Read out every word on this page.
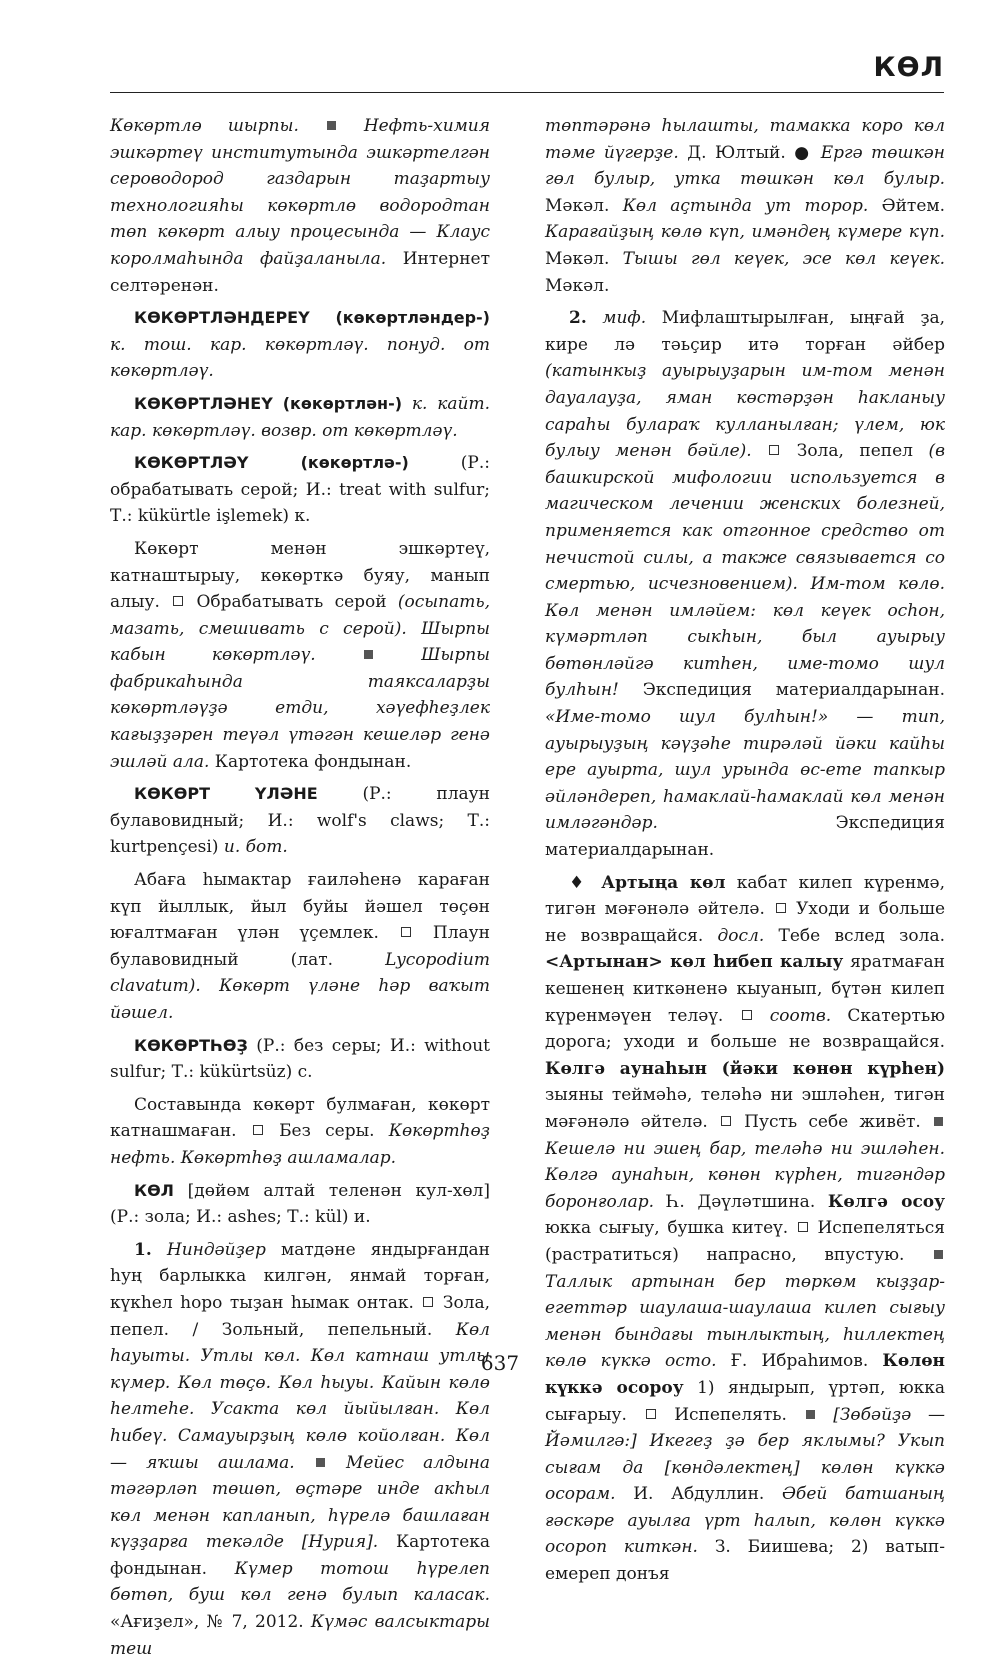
КӨЛ

Көкөртлө шырпы.	Нефть-химия эшкәртеү институтында эшкәртелгән сероводород газдарын таҙартыу технологияһы көкөртлө водородтан төп көкөрт алыу процесында — Клаус королмаһында файҙаланыла. Интернет селтәренән.

КӨКӨРТЛӘНДЕРЕҮ (көкөртләндер-) к. тош. кар. көкөртләү. понуд. от көкөртләү.

КӨКӨРТЛӘНЕҮ (көкөртлән-) к. кайт. кар. көкөртләү. возвр. от көкөртләү.

КӨКӨРТЛӘҮ (көкөртлә-)	(Р.: обрабатывать серой; И.: treat with sulfur; Т.: kükürtle işlemek) к.

Көкөрт менән эшкәртеү, катнаштырыу, көкөрткә буяу, манып алыу. Обрабатывать серой (осыпать, мазать, смешивать с серой). Шырпы кабын көкөртләү.	Шырпы фабрикаһында таяксаларҙы көкөртләүҙә етди, хәүефһеҙлек кағыҙҙәрен теүәл үтәгән кешеләр генә эшләй ала. Картотека фондынан.

КӨКӨРТ ҮЛӘНЕ	(Р.: плаун булавовидный; И.: wolf's claws; Т.: kurtpençesi) и. бот.

Абаға һымактар ғаиләһенә караған күп йыллык, йыл буйы йәшел төҫөн юғалтмаған үлән үҫемлек.	Плаун булавовидный (лат.	Lycopodium clavatum). Көкөрт үләне һәр ваҡыт йәшел.

КӨКӨРТҺӨҘ (Р.: без серы; И.: without sulfur; Т.: kükürtsüz) с.

Составында көкөрт булмаған, көкөрт катнашмаған.	Без серы. Көкөртһөҙ нефть. Көкөртһөҙ ашламалар.

КӨЛ [дөйөм алтай теленән кул-хөл] (Р.: зола; И.: ashes; Т.: kül) и.

1. Ниндәйҙер матдәне яндырғандан һуң барлыкка килгән, янмай торған, күкһел һоро тыҙан һымак онтак. Зола, пепел. / Зольный, пепельный. Көл һауыты. Утлы көл. Көл катнаш утлы күмер. Көл төҫө. Көл һыуы. Кайын көлө һелтеһе. Усакта көл йыйылған. Көл һибеү. Самауырҙың көлө койолған. Көл — яҡшы ашлама.	Мейес алдына тәгәрләп төшөп, өҫтәре инде акһыл көл менән капланып, һүрелә башлаған күҙҙарға текәлде [Нурия]. Картотека фондынан. Күмер тотош һүрелеп бөтөп, буш көл генә булып калаcак. «Ағиҙел», № 7, 2012. Күмәс валсыктары теш

төптәрәнә һылашты, тамакка коро көл тәме йүгерҙе. Д. Юлтый. ● Ергә төшкән гөл булыр, утка төшкән көл булыр. Мәкәл. Көл аҫтында ут торор. Әйтем. Карағайҙың көлө күп, имәндең күмере күп. Мәкәл. Тышы гөл кеүек, эсе көл кеүек. Мәкәл.

2. миф. Мифлаштырылған, ыңғай ҙа, кире лә тәьҫир итә торған әйбер (катынкыҙ ауырыуҙарын им-том менән дауалауҙа, яман көстәрҙән һакланыу сараһы булараҡ кулланылған; үлем, юк булыу менән бәйле).	Зола, пепел (в башкирской мифологии используется в магическом лечении женских болезней, применяется как отгонное средство от нечистой силы, а также связывается со смертью, исчезновением). Им-том көлө. Көл менән имләйем: көл кеүек осһон, күмәртләп сыкһын, был ауырыу бөтөнләйгә китһен, име-томо шул булһын! Экспедиция материалдарынан. «Име-томо шул булһын!» — тип, ауырыуҙың кәүҙәһе тирәләй йәки кайһы ере ауырта, шул урында өс-ете тапкыр әйләндереп, һамаклай-һамаклай көл менән имләгәндәр.	Экспедиция материалдарынан.

♦ Артыңа көл кабат килеп күренмә, тигән мәғәнәлә әйтелә. Уходи и больше не возвращайся. досл. Тебе вслед зола. <Артынан> көл һибеп калыу яратмаған кешенең киткәненә кыуанып, бүтән килеп күренмәүен теләү.	соотв. Скатертью дорога; уходи и больше не возвращайся. Көлгә аунаһын (йәки көнөн күрһен) зыяны теймәһә, теләһә ни эшләһен, тигән мәғәнәлә әйтелә. Пусть себе живёт.  Кешелә ни эшең бар, теләһә ни эшләһен. Көлгә аунаһын, көнөн күрһен, тигәндәр боронғолар. Һ. Дәүләтшина. Көлгә осоу юкка сығыу, бушка китеү. Испепеляться (растратиться) напрасно, впустую.  Таллык артынан бер төркөм кыҙҙар-егеттәр шаулаша-шаулаша килеп сығыу менән бындағы тынлыктың, һиллектең көлө күккә осто. Ғ. Ибраһимов. Көлөн күккә осороу 1) яндырып, үртәп, юкка сығарыу.	Испепелять.	[Зөбәйҙә — Йәмилгә:] Икегеҙ ҙә бер яклымы? Укып сығам да [көндәлектең] көлөн күккә осорам. И. Абдуллин. Әбей батшаның ғәскәре ауылға үрт һалып, көлөн күккә осороп киткән. З. Биишева; 2) ватып-емереп донъя

637
